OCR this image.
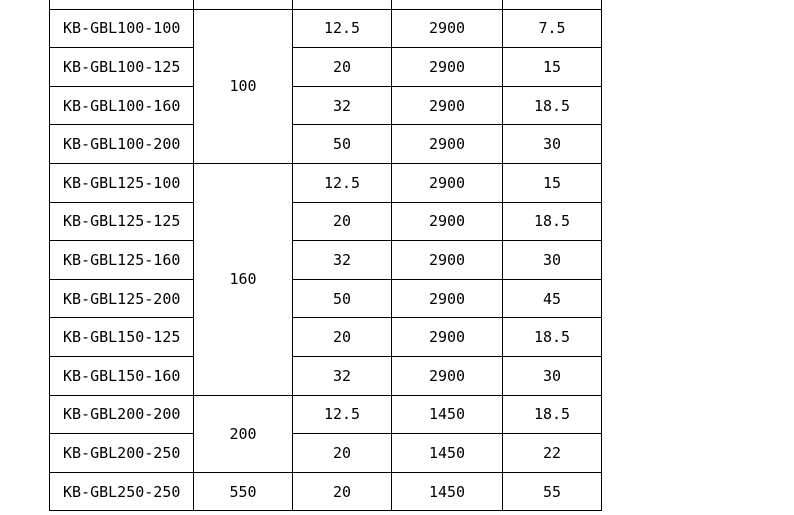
KB-GBL100-100	100	12.5	2900	7.5
KB-GBL100-125		20	2900	15
KB-GBL100-160		32	2900	18.5
KB-GBL100-200		50	2900	30
KB-GBL125-100	160	12.5	2900	15
KB-GBL125-125		20	2900	18.5
KB-GBL125-160		32	2900	30
KB-GBL125-200		50	2900	45
KB-GBL150-125		20	2900	18.5
KB-GBL150-160		32	2900	30
KB-GBL200-200	200	12.5	1450	18.5
KB-GBL200-250		20	1450	22
KB-GBL250-250	550	20	1450	55
